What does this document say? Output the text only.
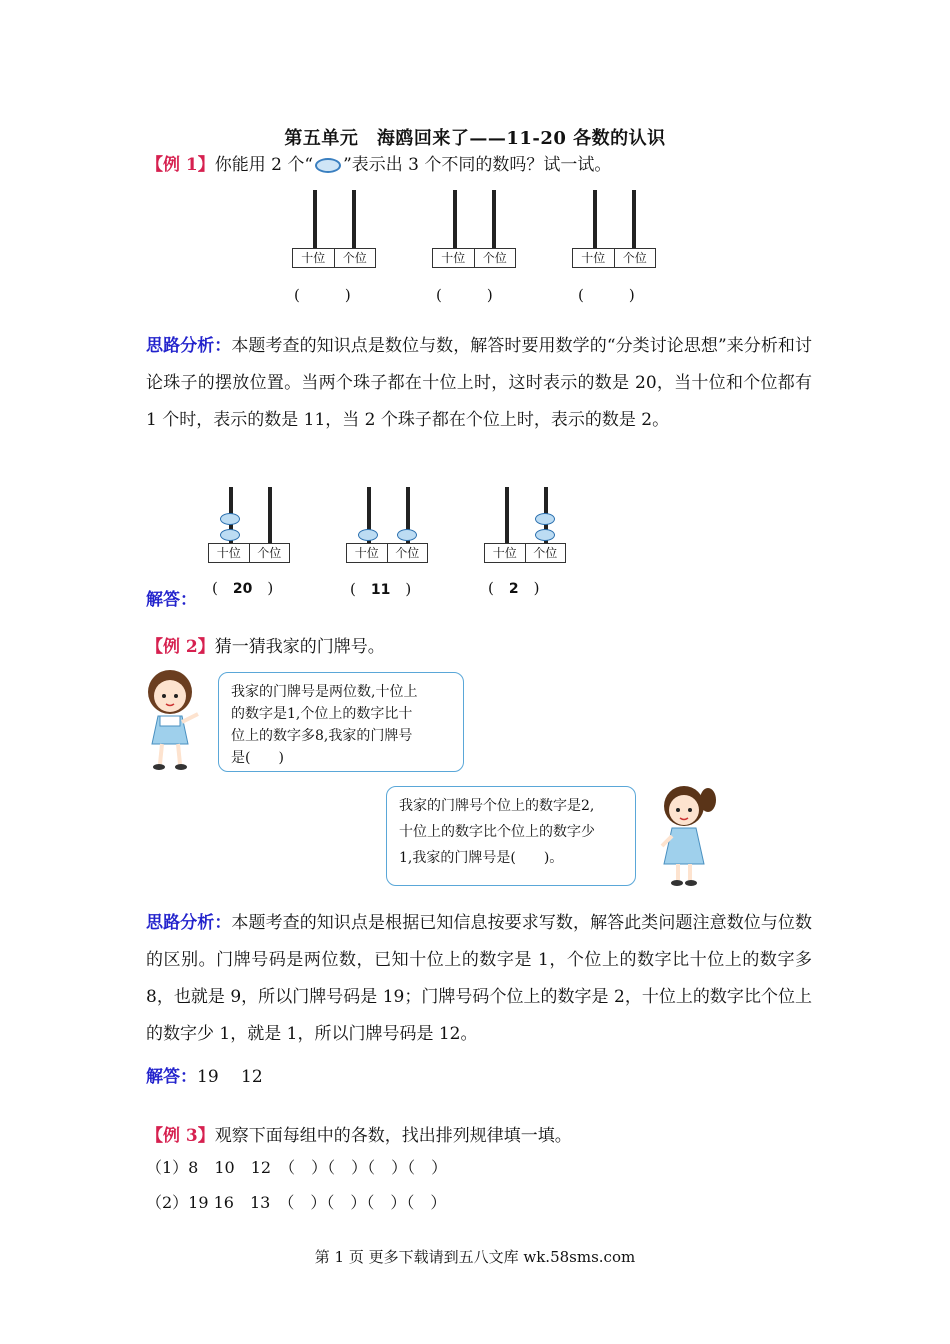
第五单元　海鸥回来了——11-20 各数的认识
【例 1】你能用 2 个“ ”表示出 3 个不同的数吗？试一试。
十位	个位	十位	个位	十位	个位
(　　　)	(　　　)	(　　　)
思路分析：本题考查的知识点是数位与数，解答时要用数学的“分类讨论思想”来分析和讨论珠子的摆放位置。当两个珠子都在十位上时，这时表示的数是 20，当十位和个位都有 1 个时，表示的数是 11，当 2 个珠子都在个位上时，表示的数是 2。
十位	个位	十位	个位	十位	个位
解答：
(　20　)	(　11　)	(　2　)
【例 2】猜一猜我家的门牌号。
我家的门牌号是两位数,十位上
的数字是1,个位上的数字比十
位上的数字多8,我家的门牌号
是(　　)
我家的门牌号个位上的数字是2,
十位上的数字比个位上的数字少
1,我家的门牌号是(　　)。
思路分析：本题考查的知识点是根据已知信息按要求写数，解答此类问题注意数位与位数的区别。门牌号码是两位数，已知十位上的数字是 1，个位上的数字比十位上的数字多 8，也就是 9，所以门牌号码是 19；门牌号码个位上的数字是 2，十位上的数字比个位上的数字少 1，就是 1，所以门牌号码是 12。
解答：19　 12
【例 3】观察下面每组中的各数，找出排列规律填一填。
（1）8　10　12　（　）（　）（　）（　）
（2）19 16　13　（　）（　）（　）（　）
第 1 页 更多下载请到五八文库 wk.58sms.com
